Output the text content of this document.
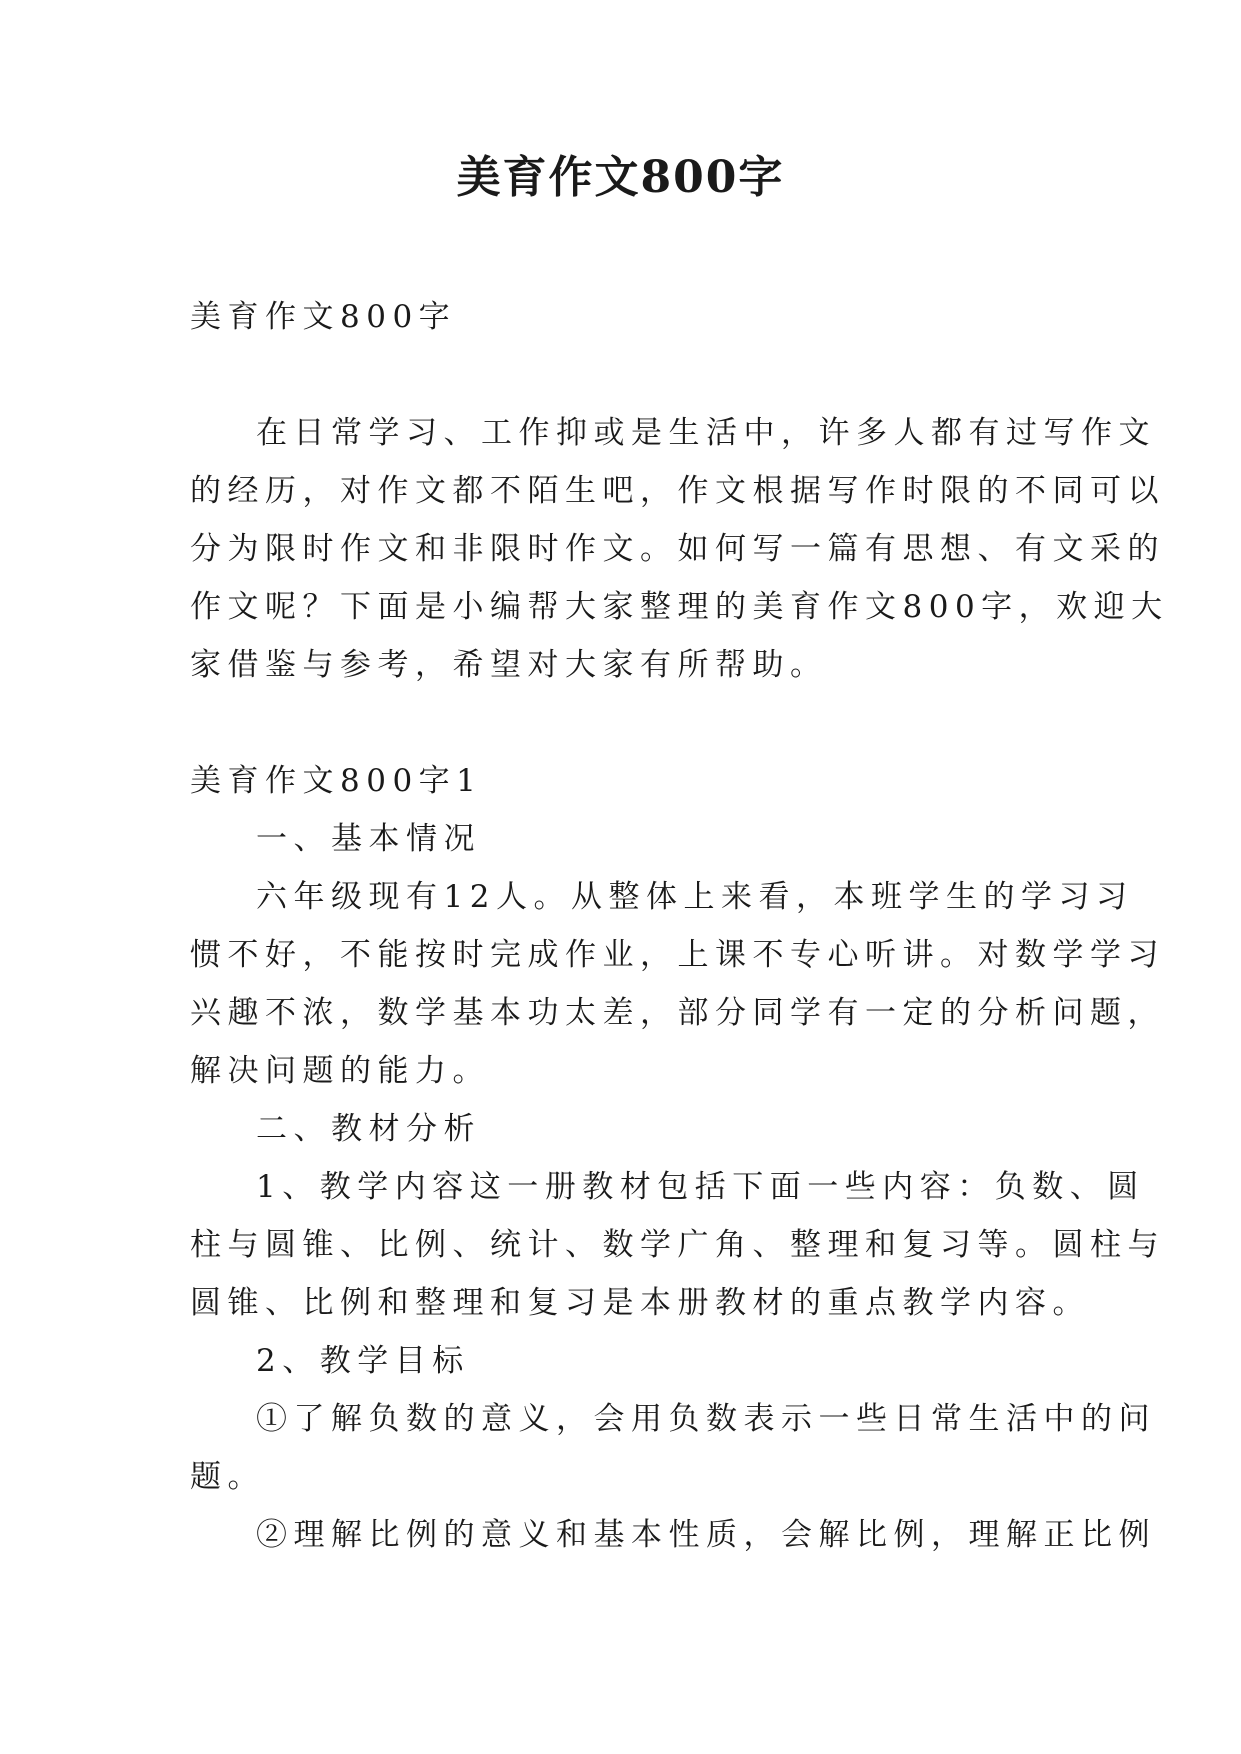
美育作文800字
美育作文800字
在日常学习、工作抑或是生活中，许多人都有过写作文
的经历，对作文都不陌生吧，作文根据写作时限的不同可以
分为限时作文和非限时作文。如何写一篇有思想、有文采的
作文呢？下面是小编帮大家整理的美育作文800字，欢迎大
家借鉴与参考，希望对大家有所帮助。
美育作文800字1
一、基本情况
六年级现有12人。从整体上来看，本班学生的学习习
惯不好，不能按时完成作业，上课不专心听讲。对数学学习
兴趣不浓，数学基本功太差，部分同学有一定的分析问题，
解决问题的能力。
二、教材分析
1、教学内容这一册教材包括下面一些内容：负数、圆
柱与圆锥、比例、统计、数学广角、整理和复习等。圆柱与
圆锥、比例和整理和复习是本册教材的重点教学内容。
2、教学目标
①了解负数的意义，会用负数表示一些日常生活中的问
题。
②理解比例的意义和基本性质，会解比例，理解正比例
